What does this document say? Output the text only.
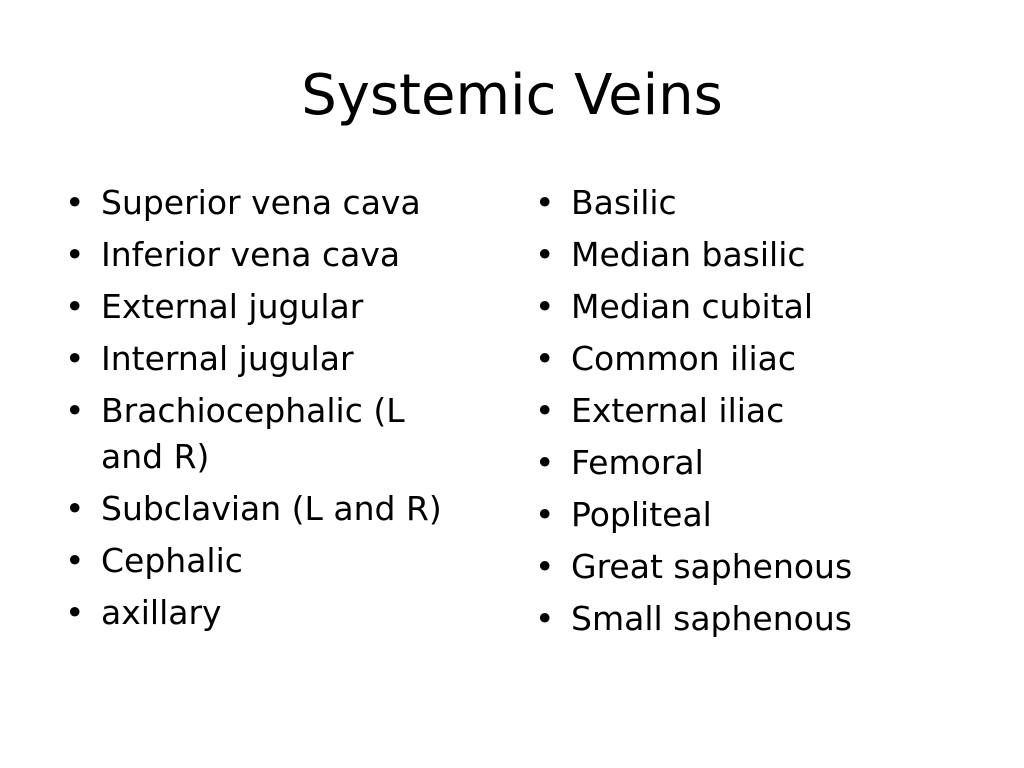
Systemic Veins
• Superior vena cava
• Inferior vena cava
• External jugular
• Internal jugular
• Brachiocephalic (L and R)
• Subclavian (L and R)
• Cephalic
• axillary
• Basilic
• Median basilic
• Median cubital
• Common iliac
• External iliac
• Femoral
• Popliteal
• Great saphenous
• Small saphenous
